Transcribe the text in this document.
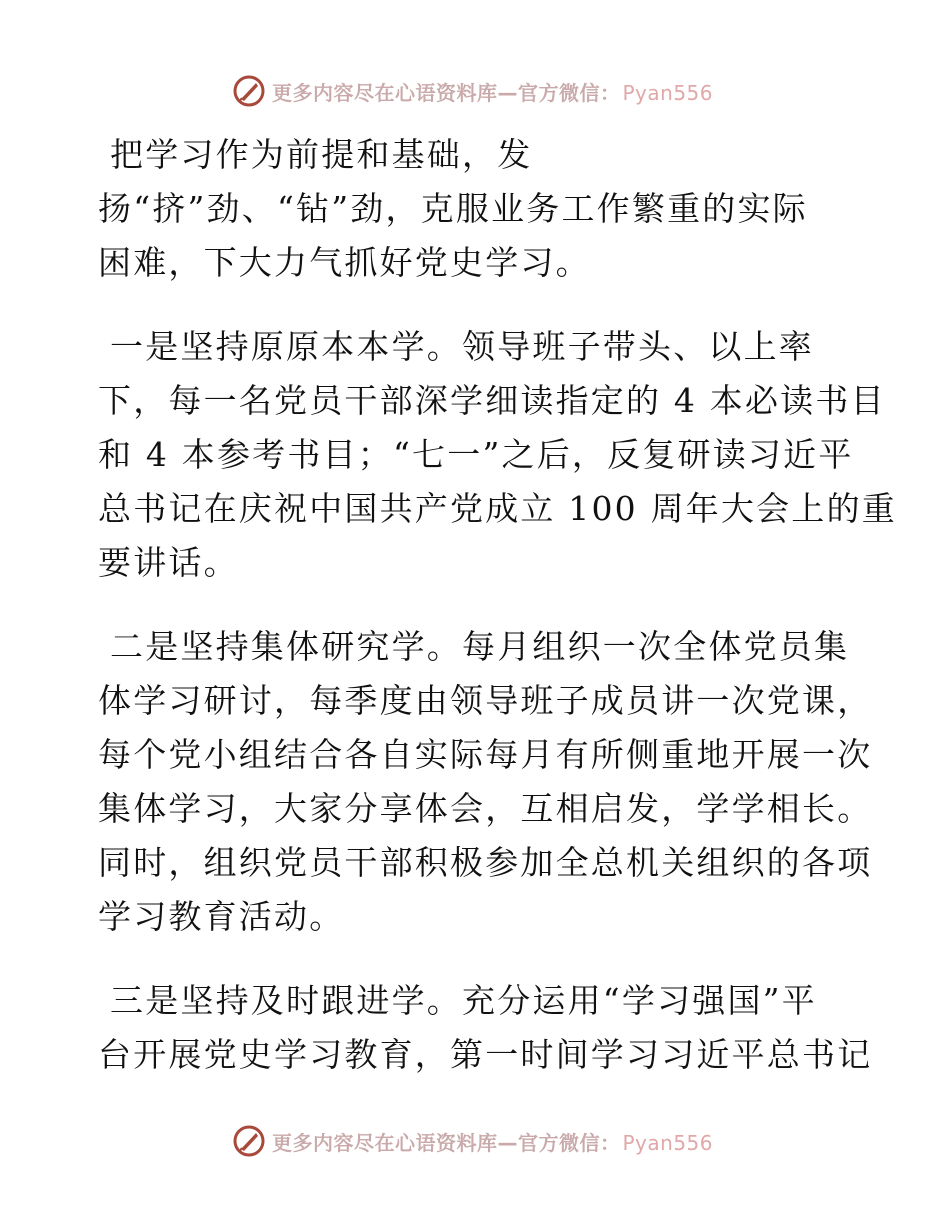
更多内容尽在心语资料库—官方微信： Pyan556
把学习作为前提和基础，发
扬“挤”劲、“钻”劲，克服业务工作繁重的实际
困难，下大力气抓好党史学习。
一是坚持原原本本学。领导班子带头、以上率
下，每一名党员干部深学细读指定的 4 本必读书目
和 4 本参考书目；“七一”之后，反复研读习近平
总书记在庆祝中国共产党成立 100 周年大会上的重
要讲话。
二是坚持集体研究学。每月组织一次全体党员集
体学习研讨，每季度由领导班子成员讲一次党课，
每个党小组结合各自实际每月有所侧重地开展一次
集体学习，大家分享体会，互相启发，学学相长。
同时，组织党员干部积极参加全总机关组织的各项
学习教育活动。
三是坚持及时跟进学。充分运用“学习强国”平
台开展党史学习教育，第一时间学习习近平总书记
更多内容尽在心语资料库—官方微信： Pyan556
